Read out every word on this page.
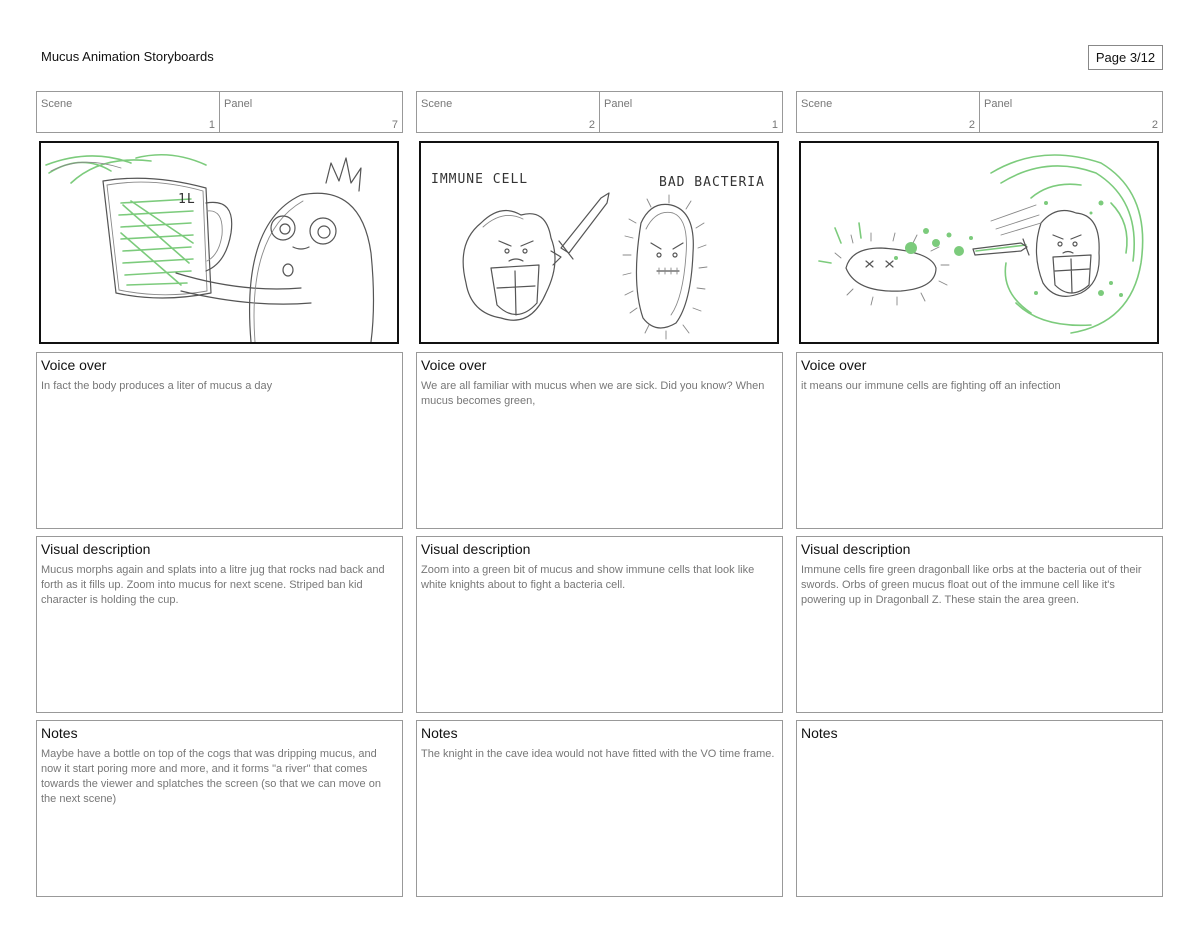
Mucus Animation Storyboards	Page 3/12
Scene
1
Panel
7
1L
Voice over
In fact the body produces a liter of mucus a day
Visual description
Mucus morphs again and splats into a litre jug that rocks nad back and forth as it fills up. Zoom into mucus for next scene. Striped ban kid character is holding the cup.
Notes
Maybe have a bottle on top of the cogs that was dripping mucus, and now it start poring more and more, and it forms "a river" that comes towards the viewer and splatches the screen (so that we can move on the next scene)
Scene
2
Panel
1
IMMUNE CELL	BAD BACTERIA
Voice over
We are all familiar with mucus when we are sick. Did you know? When mucus becomes green,
Visual description
Zoom into a green bit of mucus and show immune cells that look like white knights about to fight a bacteria cell.
Notes
The knight in the cave idea would not have fitted with the VO time frame.
Scene
2
Panel
2
Voice over
it means our immune cells are fighting off an infection
Visual description
Immune cells fire green dragonball like orbs at the bacteria out of their swords. Orbs of green mucus float out of the immune cell like it's powering up in Dragonball Z. These stain the area green.
Notes
